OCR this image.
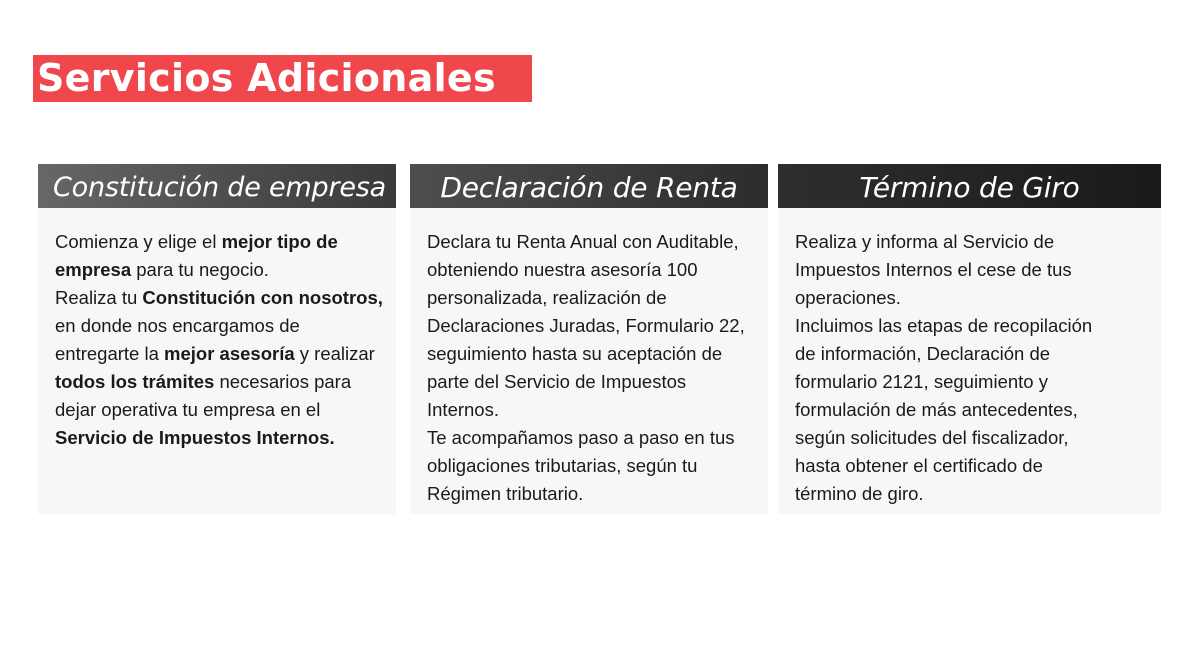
Servicios Adicionales
Constitución de empresa
Comienza y elige el mejor tipo de
empresa para tu negocio.
Realiza tu Constitución con nosotros,
en donde nos encargamos de
entregarte la mejor asesoría y realizar
todos los trámites necesarios para
dejar operativa tu empresa en el
Servicio de Impuestos Internos.
Declaración de Renta
Declara tu Renta Anual con Auditable,
obteniendo nuestra asesoría 100
personalizada, realización de
Declaraciones Juradas, Formulario 22,
seguimiento hasta su aceptación de
parte del Servicio de Impuestos
Internos.
Te acompañamos paso a paso en tus
obligaciones tributarias, según tu
Régimen tributario.
Término de Giro
Realiza y informa al Servicio de
Impuestos Internos el cese de tus
operaciones.
Incluimos las etapas de recopilación
de información, Declaración de
formulario 2121, seguimiento y
formulación de más antecedentes,
según solicitudes del fiscalizador,
hasta obtener el certificado de
término de giro.
